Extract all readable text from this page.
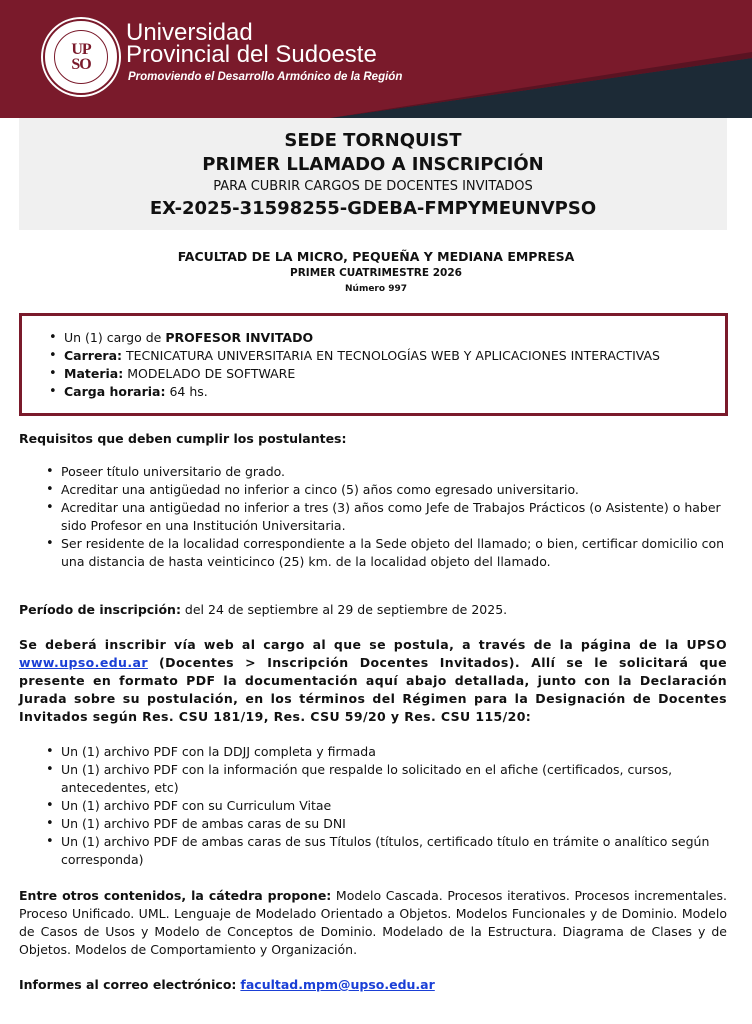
UP
SO
Universidad
Provincial del Sudoeste
Promoviendo el Desarrollo Armónico de la Región
SEDE TORNQUIST
PRIMER LLAMADO A INSCRIPCIÓN
PARA CUBRIR CARGOS DE DOCENTES INVITADOS
EX-2025-31598255-GDEBA-FMPYMEUNVPSO
FACULTAD DE LA MICRO, PEQUEÑA Y MEDIANA EMPRESA
PRIMER CUATRIMESTRE 2026
Número 997
• Un (1) cargo de PROFESOR INVITADO
• Carrera: TECNICATURA UNIVERSITARIA EN TECNOLOGÍAS WEB Y APLICACIONES INTERACTIVAS
• Materia: MODELADO DE SOFTWARE
• Carga horaria: 64 hs.
Requisitos que deben cumplir los postulantes:
• Poseer título universitario de grado.
• Acreditar una antigüedad no inferior a cinco (5) años como egresado universitario.
• Acreditar una antigüedad no inferior a tres (3) años como Jefe de Trabajos Prácticos (o Asistente) o haber sido Profesor en una Institución Universitaria.
• Ser residente de la localidad correspondiente a la Sede objeto del llamado; o bien, certificar domicilio con una distancia de hasta veinticinco (25) km. de la localidad objeto del llamado.
Período de inscripción: del 24 de septiembre al 29 de septiembre de 2025.
Se deberá inscribir vía web al cargo al que se postula, a través de la página de la UPSO www.upso.edu.ar (Docentes > Inscripción Docentes Invitados). Allí se le solicitará que presente en formato PDF la documentación aquí abajo detallada, junto con la Declaración Jurada sobre su postulación, en los términos del Régimen para la Designación de Docentes Invitados según Res. CSU 181/19, Res. CSU 59/20 y Res. CSU 115/20:
• Un (1) archivo PDF con la DDJJ completa y firmada
• Un (1) archivo PDF con la información que respalde lo solicitado en el afiche (certificados, cursos, antecedentes, etc)
• Un (1) archivo PDF con su Curriculum Vitae
• Un (1) archivo PDF de ambas caras de su DNI
• Un (1) archivo PDF de ambas caras de sus Títulos (títulos, certificado título en trámite o analítico según corresponda)
Entre otros contenidos, la cátedra propone: Modelo Cascada. Procesos iterativos. Procesos incrementales. Proceso Unificado. UML. Lenguaje de Modelado Orientado a Objetos. Modelos Funcionales y de Dominio. Modelo de Casos de Usos y Modelo de Conceptos de Dominio. Modelado de la Estructura. Diagrama de Clases y de Objetos. Modelos de Comportamiento y Organización.
Informes al correo electrónico: facultad.mpm@upso.edu.ar
